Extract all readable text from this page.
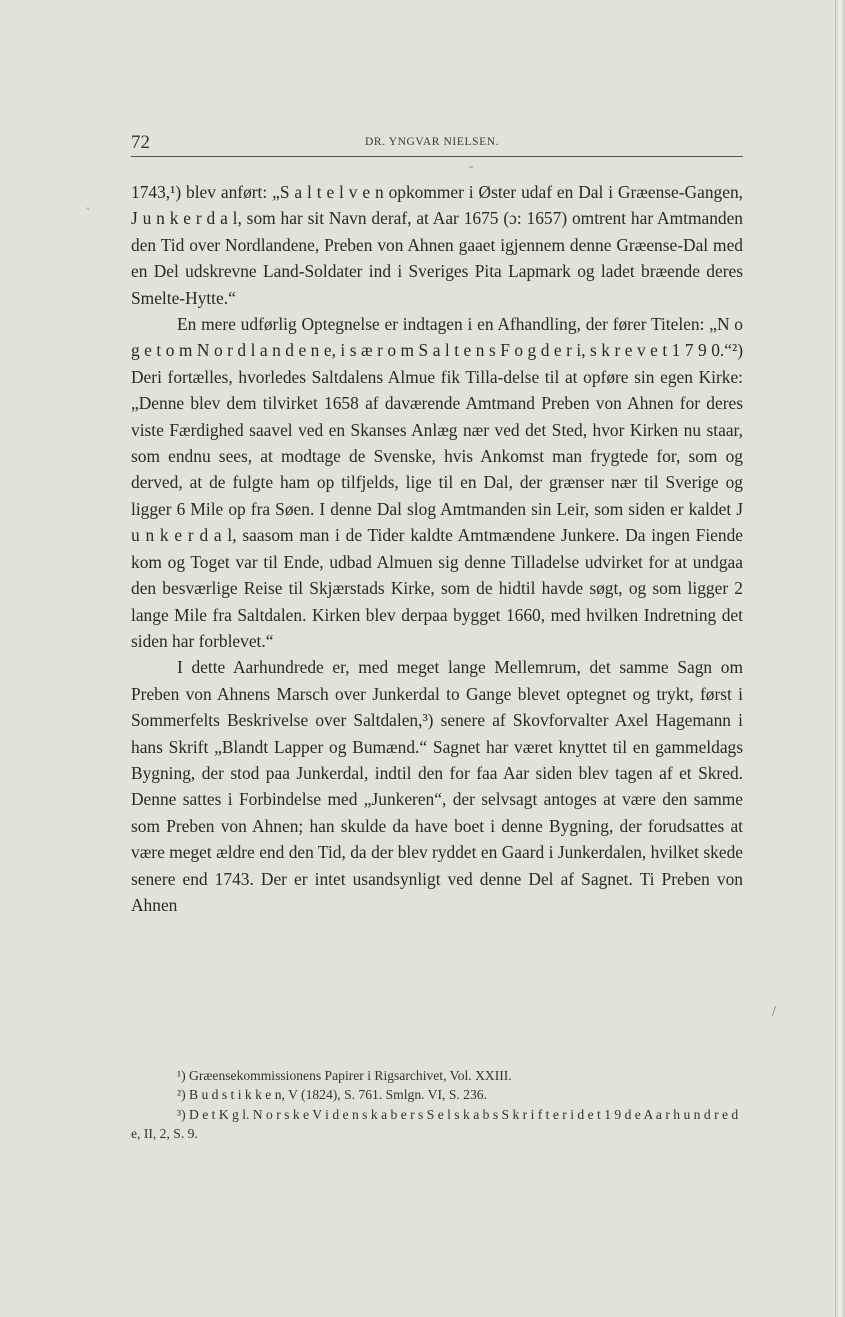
72	DR. YNGVAR NIELSEN.
ˎ
˜
/

1743,¹) blev anført: „S a l t e l v e n opkommer i Øster udaf en Dal i Græense-Gangen, J u n k e r d a l, som har sit Navn deraf, at Aar 1675 (ɔ: 1657) omtrent har Amtmanden den Tid over Nordlandene, Preben von Ahnen gaaet igjennem denne Græense-Dal med en Del udskrevne Land-Soldater ind i Sveriges Pita Lapmark og ladet bræende deres Smelte-Hytte.“

En mere udførlig Optegnelse er indtagen i en Afhandling, der fører Titelen: „N o g e t o m N o r d l a n d e n e, i s æ r o m S a l t e n s F o g d e r i, s k r e v e t 1 7 9 0.“²) Deri fortælles, hvorledes Saltdalens Almue fik Tilla-delse til at opføre sin egen Kirke: „Denne blev dem tilvirket 1658 af daværende Amtmand Preben von Ahnen for deres viste Færdighed saavel ved en Skanses Anlæg nær ved det Sted, hvor Kirken nu staar, som endnu sees, at modtage de Svenske, hvis Ankomst man frygtede for, som og derved, at de fulgte ham op tilfjelds, lige til en Dal, der grænser nær til Sverige og ligger 6 Mile op fra Søen. I denne Dal slog Amtmanden sin Leir, som siden er kaldet J u n k e r d a l, saasom man i de Tider kaldte Amtmændene Junkere. Da ingen Fiende kom og Toget var til Ende, udbad Almuen sig denne Tilladelse udvirket for at undgaa den besværlige Reise til Skjærstads Kirke, som de hidtil havde søgt, og som ligger 2 lange Mile fra Saltdalen. Kirken blev derpaa bygget 1660, med hvilken Indretning det siden har forblevet.“

I dette Aarhundrede er, med meget lange Mellemrum, det samme Sagn om Preben von Ahnens Marsch over Junkerdal to Gange blevet optegnet og trykt, først i Sommerfelts Beskrivelse over Saltdalen,³) senere af Skovforvalter Axel Hagemann i hans Skrift „Blandt Lapper og Bumænd.“ Sagnet har været knyttet til en gammeldags Bygning, der stod paa Junkerdal, indtil den for faa Aar siden blev tagen af et Skred. Denne sattes i Forbindelse med „Junkeren“, der selvsagt antoges at være den samme som Preben von Ahnen; han skulde da have boet i denne Bygning, der forudsattes at være meget ældre end den Tid, da der blev ryddet en Gaard i Junkerdalen, hvilket skede senere end 1743. Der er intet usandsynligt ved denne Del af Sagnet. Ti Preben von Ahnen

¹) Græensekommissionens Papirer i Rigsarchivet, Vol. XXIII.

²) B u d s t i k k e n, V (1824), S. 761. Smlgn. VI, S. 236.

³) D e t K g l. N o r s k e V i d e n s k a b e r s S e l s k a b s S k r i f t e r i d e t 1 9 d e A a r h u n d r e d e, II, 2, S. 9.
